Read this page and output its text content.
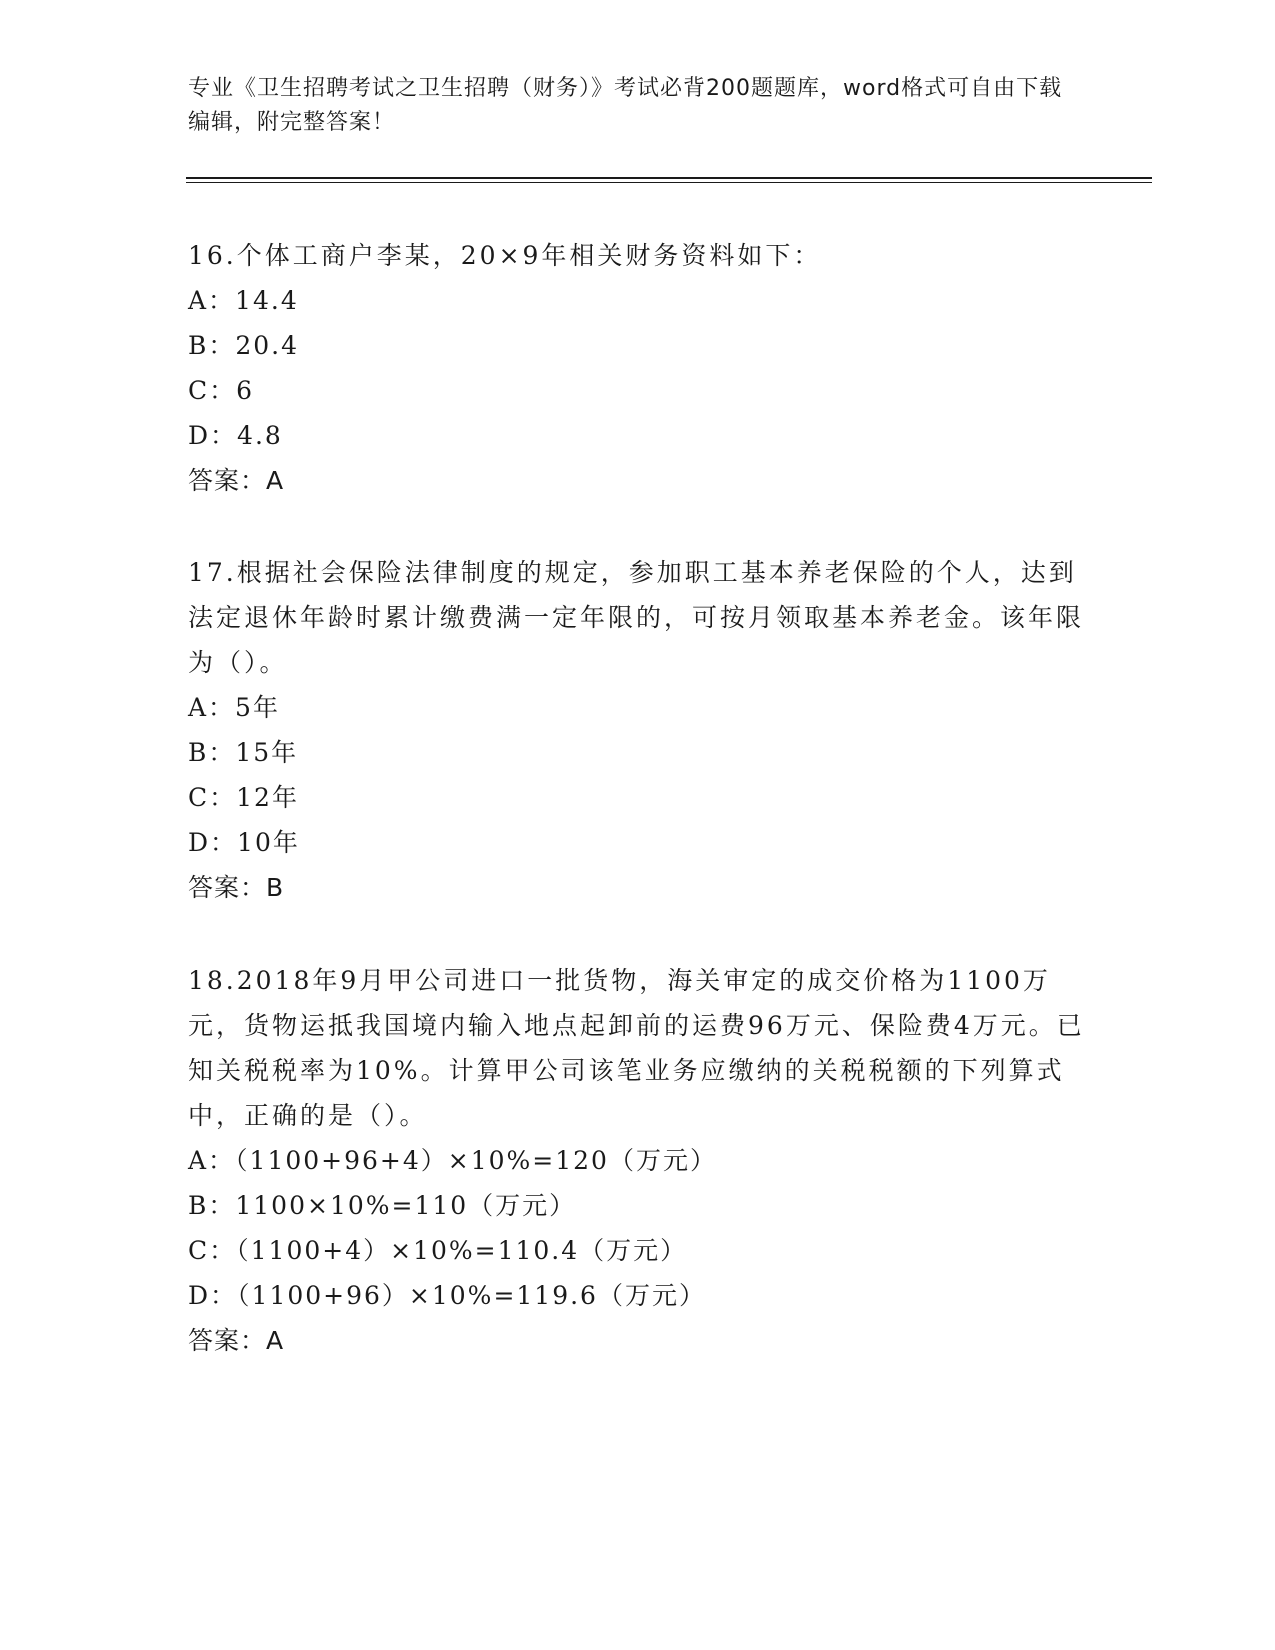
专业《卫生招聘考试之卫生招聘（财务）》考试必背200题题库，word格式可自由下载编辑，附完整答案！
16.个体工商户李某，20×9年相关财务资料如下：
A：14.4
B：20.4
C：6
D：4.8
答案：A
17.根据社会保险法律制度的规定，参加职工基本养老保险的个人，达到法定退休年龄时累计缴费满一定年限的，可按月领取基本养老金。该年限为（）。
A：5年
B：15年
C：12年
D：10年
答案：B
18.2018年9月甲公司进口一批货物，海关审定的成交价格为1100万元，货物运抵我国境内输入地点起卸前的运费96万元、保险费4万元。已知关税税率为10%。计算甲公司该笔业务应缴纳的关税税额的下列算式中，正确的是（）。
A：（1100+96+4）×10%=120（万元）
B：1100×10%=110（万元）
C：（1100+4）×10%=110.4（万元）
D：（1100+96）×10%=119.6（万元）
答案：A
